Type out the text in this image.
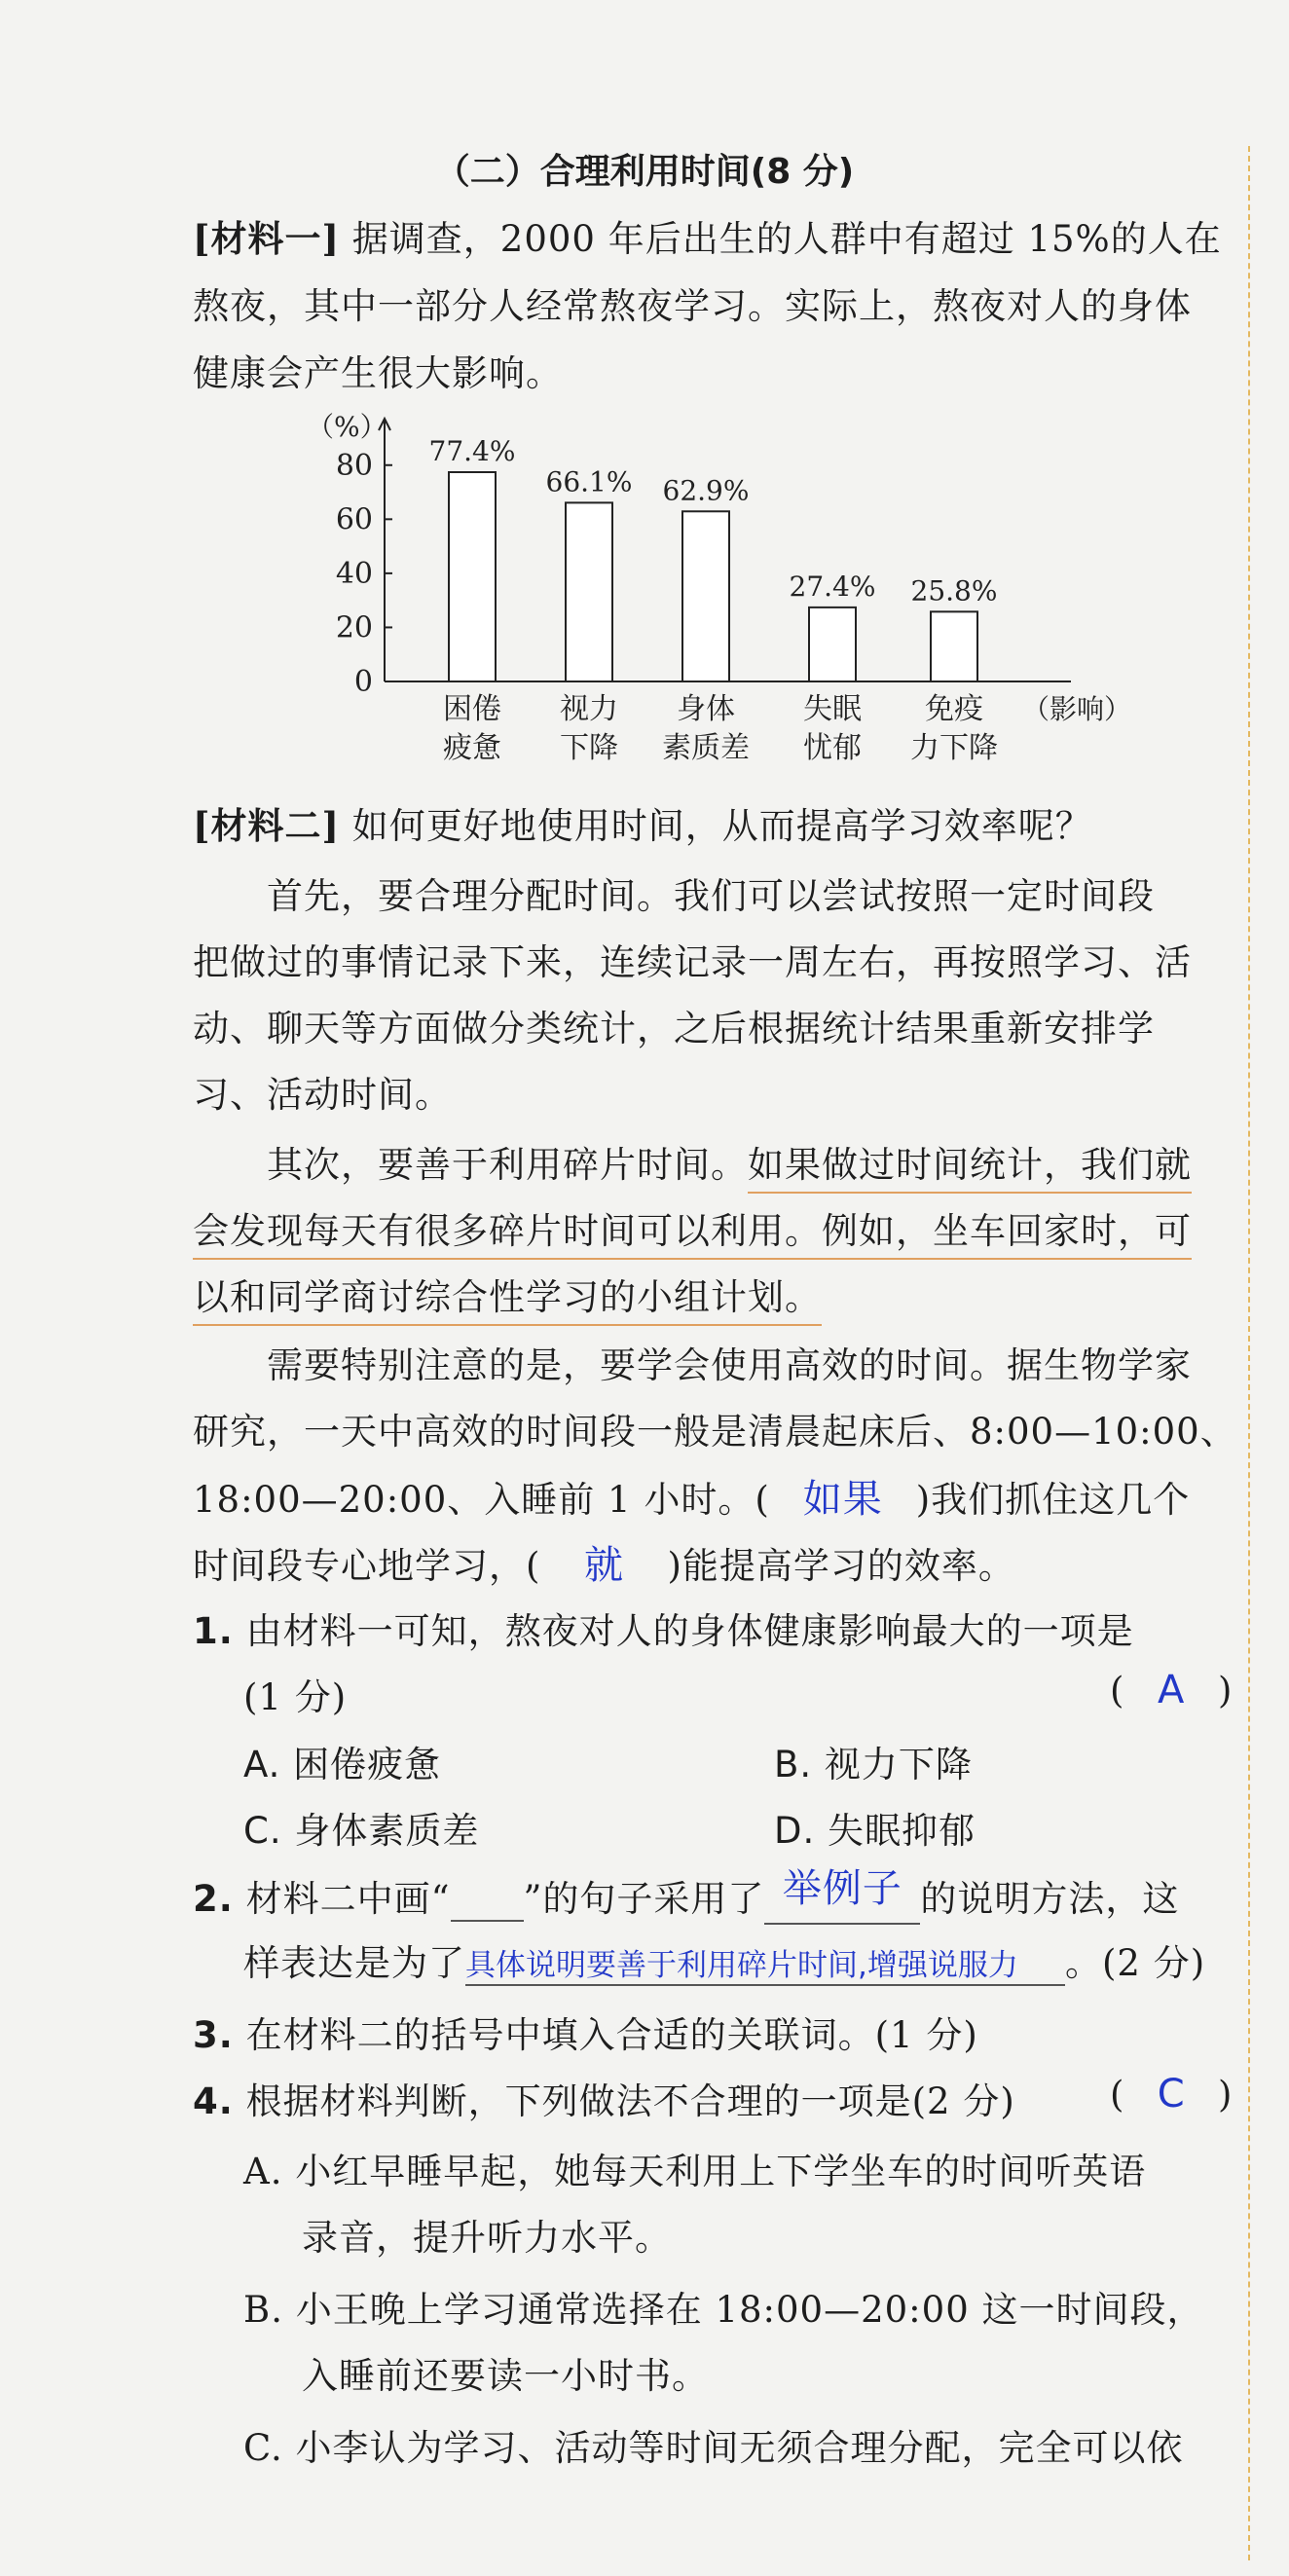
（二）合理利用时间(8 分)
[材料一] 据调查，2000 年后出生的人群中有超过 15%的人在
熬夜，其中一部分人经常熬夜学习。实际上，熬夜对人的身体
健康会产生很大影响。
（%）
0
20
40
60
80 77.4%
困倦
疲惫
66.1%
视力
下降
62.9%
身体
素质差
27.4%
失眠
忧郁
25.8%
免疫
力下降
（影响）
[材料二] 如何更好地使用时间，从而提高学习效率呢？
首先，要合理分配时间。我们可以尝试按照一定时间段
把做过的事情记录下来，连续记录一周左右，再按照学习、活
动、聊天等方面做分类统计，之后根据统计结果重新安排学
习、活动时间。
其次，要善于利用碎片时间。如果做过时间统计，我们就
会发现每天有很多碎片时间可以利用。例如，坐车回家时，可
以和同学商讨综合性学习的小组计划。
需要特别注意的是，要学会使用高效的时间。据生物学家
研究，一天中高效的时间段一般是清晨起床后、8:00—10:00、
18:00—20:00、入睡前 1 小时。( 如果 )我们抓住这几个
时间段专心地学习，( 就 )能提高学习的效率。
1. 由材料一可知，熬夜对人的身体健康影响最大的一项是
(1 分)	( A )
A. 困倦疲惫	B. 视力下降
C. 身体素质差	D. 失眠抑郁
2. 材料二中画“ ”的句子采用了 举例子 的说明方法，这
样表达是为了具体说明要善于利用碎片时间,增强说服力 。(2 分)
3. 在材料二的括号中填入合适的关联词。(1 分)
4. 根据材料判断，下列做法不合理的一项是(2 分)	( C )
A. 小红早睡早起，她每天利用上下学坐车的时间听英语
录音，提升听力水平。
B. 小王晚上学习通常选择在 18:00—20:00 这一时间段，
入睡前还要读一小时书。
C. 小李认为学习、活动等时间无须合理分配，完全可以依
